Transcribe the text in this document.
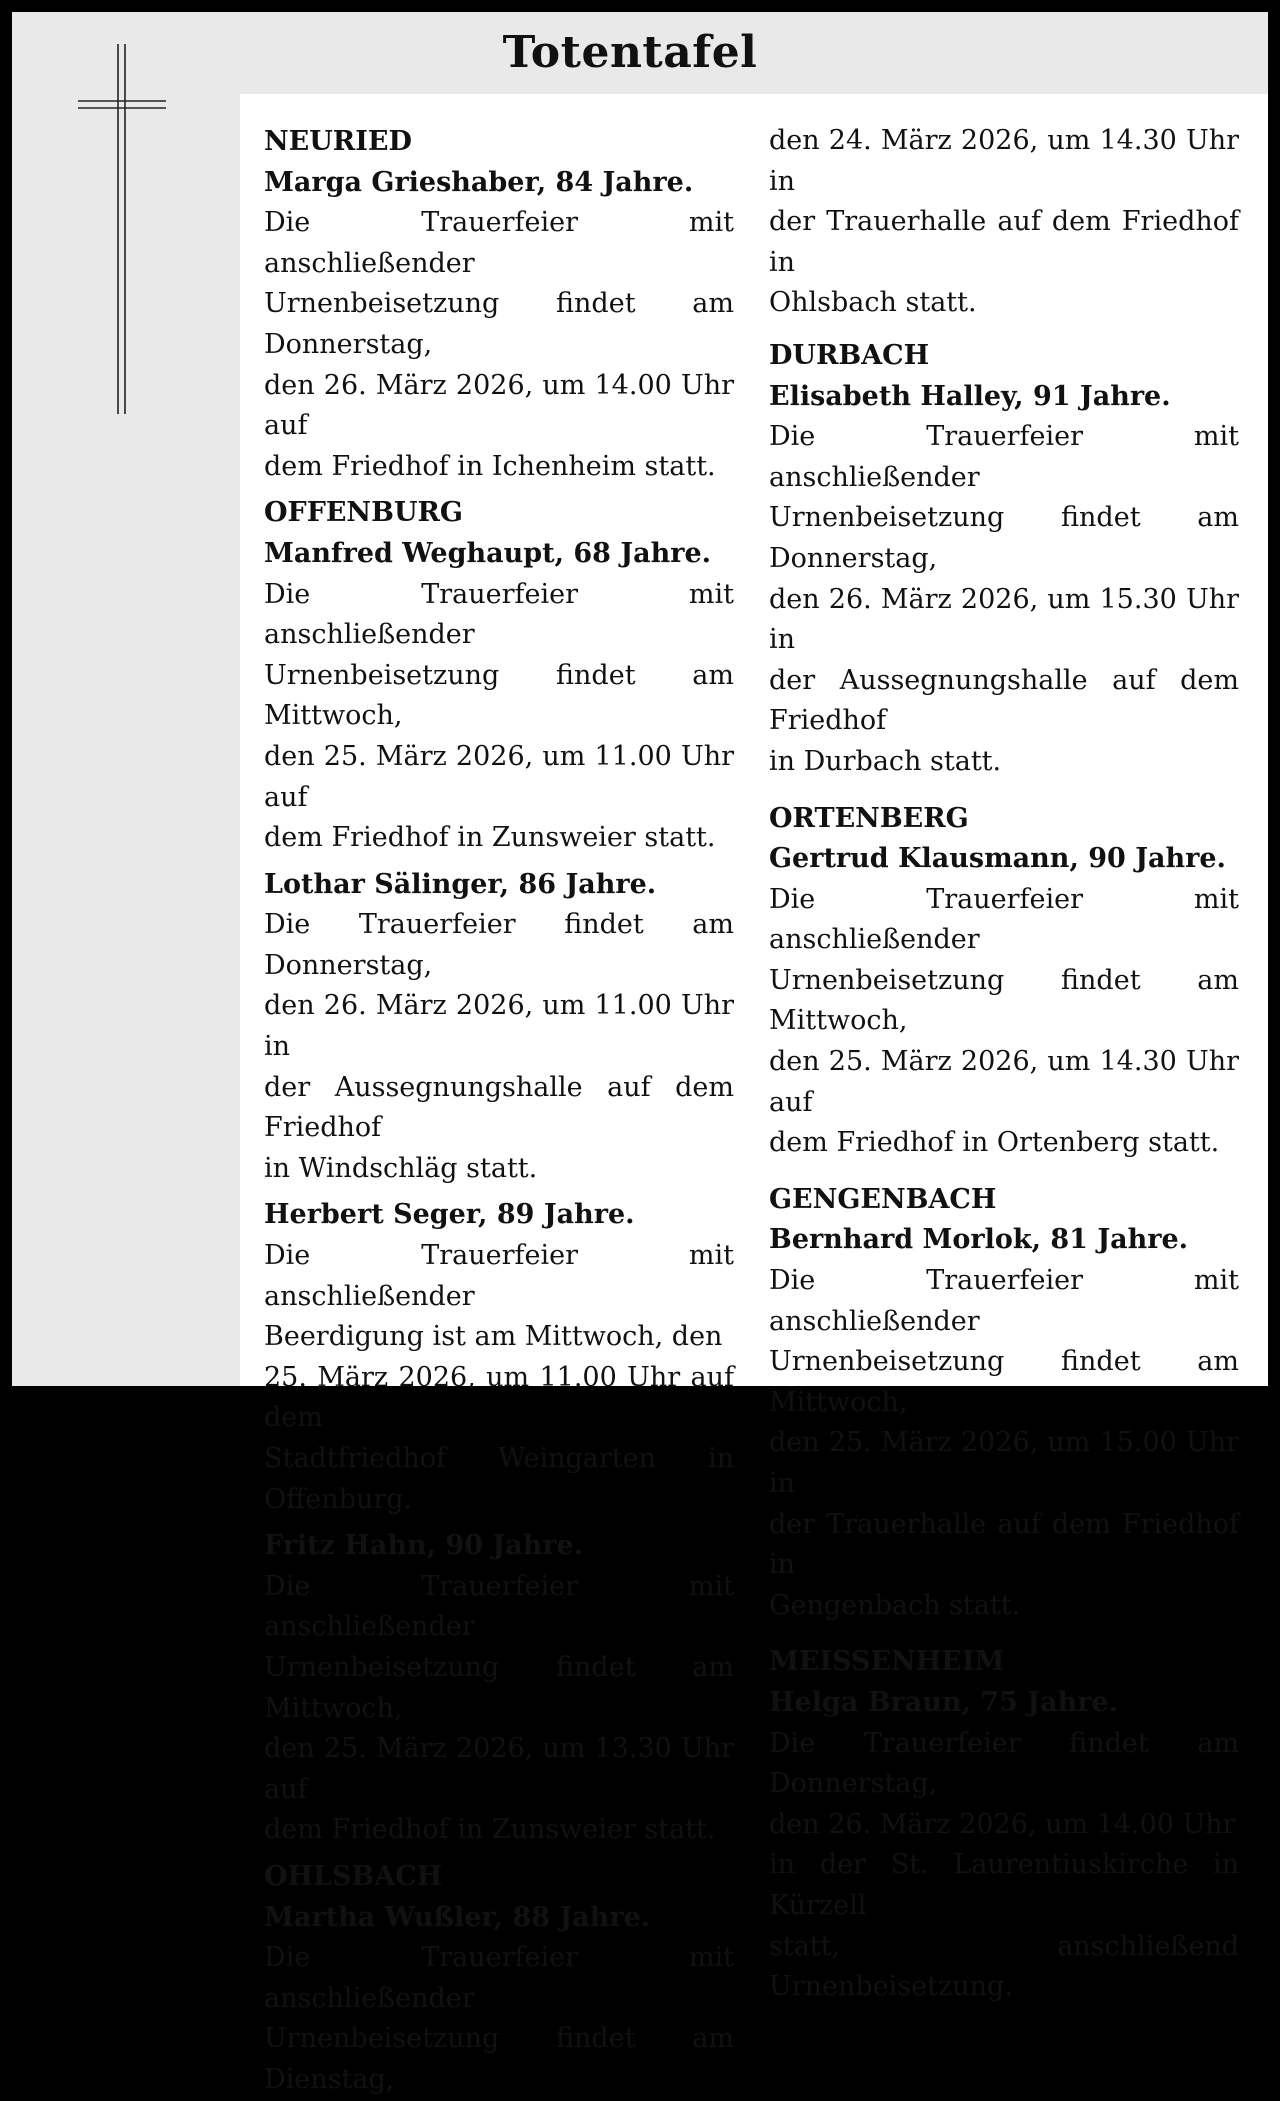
Totentafel

NEURIED

Marga Grieshaber, 84 Jahre.

Die Trauerfeier mit anschließender

Urnenbeisetzung findet am Donnerstag,

den 26. März 2026, um 14.00 Uhr auf

dem Friedhof in Ichenheim statt.

OFFENBURG

Manfred Weghaupt, 68 Jahre.

Die Trauerfeier mit anschließender

Urnenbeisetzung findet am Mittwoch,

den 25. März 2026, um 11.00 Uhr auf

dem Friedhof in Zunsweier statt.

Lothar Sälinger, 86 Jahre.

Die Trauerfeier findet am Donnerstag,

den 26. März 2026, um 11.00 Uhr in

der Aussegnungshalle auf dem Friedhof

in Windschläg statt.

Herbert Seger, 89 Jahre.

Die Trauerfeier mit anschließender

Beerdigung ist am Mittwoch, den

25. März 2026, um 11.00 Uhr auf dem

Stadtfriedhof Weingarten in Offenburg.

Fritz Hahn, 90 Jahre.

Die Trauerfeier mit anschließender

Urnenbeisetzung findet am Mittwoch,

den 25. März 2026, um 13.30 Uhr auf

dem Friedhof in Zunsweier statt.

OHLSBACH

Martha Wußler, 88 Jahre.

Die Trauerfeier mit anschließender

Urnenbeisetzung findet am Dienstag,

den 24. März 2026, um 14.30 Uhr in

der Trauerhalle auf dem Friedhof in

Ohlsbach statt.

DURBACH

Elisabeth Halley, 91 Jahre.

Die Trauerfeier mit anschließender

Urnenbeisetzung findet am Donnerstag,

den 26. März 2026, um 15.30 Uhr in

der Aussegnungshalle auf dem Friedhof

in Durbach statt.

ORTENBERG

Gertrud Klausmann, 90 Jahre.

Die Trauerfeier mit anschließender

Urnenbeisetzung findet am Mittwoch,

den 25. März 2026, um 14.30 Uhr auf

dem Friedhof in Ortenberg statt.

GENGENBACH

Bernhard Morlok, 81 Jahre.

Die Trauerfeier mit anschließender

Urnenbeisetzung findet am Mittwoch,

den 25. März 2026, um 15.00 Uhr in

der Trauerhalle auf dem Friedhof in

Gengenbach statt.

MEISSENHEIM

Helga Braun, 75 Jahre.

Die Trauerfeier findet am Donnerstag,

den 26. März 2026, um 14.00 Uhr

in der St. Laurentiuskirche in Kürzell

statt, anschließend Urnenbeisetzung.
